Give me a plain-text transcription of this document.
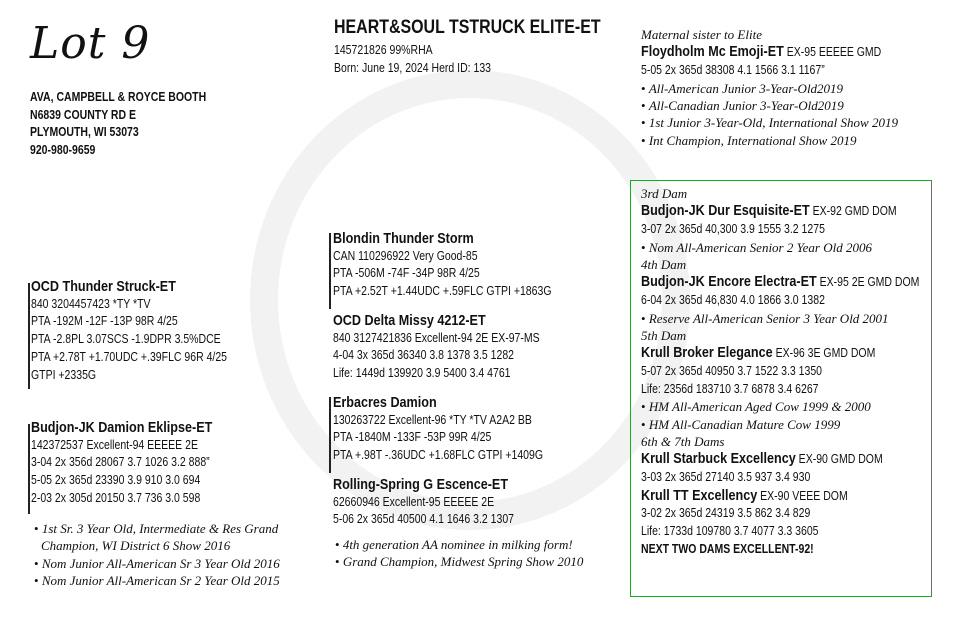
Lot 9
AVA, CAMPBELL & ROYCE BOOTH
N6839 COUNTY RD E
PLYMOUTH, WI 53073
920-980-9659
HEART&SOUL TSTRUCK ELITE-ET
145721826 99%RHA
Born: June 19, 2024 Herd ID: 133
OCD Thunder Struck-ET
840 3204457423 *TY *TV
PTA -192M -12F -13P 98R 4/25
PTA -2.8PL 3.07SCS -1.9DPR 3.5%DCE
PTA +2.78T +1.70UDC +.39FLC 96R 4/25
GTPI +2335G
Budjon-JK Damion Eklipse-ET
142372537 Excellent-94 EEEEE 2E
3-04 2x 356d 28067 3.7 1026 3.2 888”
5-05 2x 365d 23390 3.9 910 3.0 694
2-03 2x 305d 20150 3.7 736 3.0 598
• 1st Sr. 3 Year Old, Intermediate & Res Grand
Champion, WI District 6 Show 2016
• Nom Junior All-American Sr 3 Year Old 2016
• Nom Junior All-American Sr 2 Year Old 2015
Blondin Thunder Storm
CAN 110296922 Very Good-85
PTA -506M -74F -34P 98R 4/25
PTA +2.52T +1.44UDC +.59FLC GTPI +1863G
OCD Delta Missy 4212-ET
840 3127421836 Excellent-94 2E EX-97-MS
4-04 3x 365d 36340 3.8 1378 3.5 1282
Life: 1449d 139920 3.9 5400 3.4 4761
Erbacres Damion
130263722 Excellent-96 *TY *TV A2A2 BB
PTA -1840M -133F -53P 99R 4/25
PTA +.98T -.36UDC +1.68FLC GTPI +1409G
Rolling-Spring G Escence-ET
62660946 Excellent-95 EEEEE 2E
5-06 2x 365d 40500 4.1 1646 3.2 1307
• 4th generation AA nominee in milking form!
• Grand Champion, Midwest Spring Show 2010
Maternal sister to Elite
Floydholm Mc Emoji-ET EX-95 EEEEE GMD
5-05 2x 365d 38308 4.1 1566 3.1 1167”
• All-American Junior 3-Year-Old2019
• All-Canadian Junior 3-Year-Old2019
• 1st Junior 3-Year-Old, International Show 2019
• Int Champion, International Show 2019
3rd Dam
Budjon-JK Dur Esquisite-ET EX-92 GMD DOM
3-07 2x 365d 40,300 3.9 1555 3.2 1275
• Nom All-American Senior 2 Year Old 2006
4th Dam
Budjon-JK Encore Electra-ET EX-95 2E GMD DOM
6-04 2x 365d 46,830 4.0 1866 3.0 1382
• Reserve All-American Senior 3 Year Old 2001
5th Dam
Krull Broker Elegance EX-96 3E GMD DOM
5-07 2x 365d 40950 3.7 1522 3.3 1350
Life: 2356d 183710 3.7 6878 3.4 6267
• HM All-American Aged Cow 1999 & 2000
• HM All-Canadian Mature Cow 1999
6th & 7th Dams
Krull Starbuck Excellency EX-90 GMD DOM
3-03 2x 365d 27140 3.5 937 3.4 930
Krull TT Excellency EX-90 VEEE DOM
3-02 2x 365d 24319 3.5 862 3.4 829
Life: 1733d 109780 3.7 4077 3.3 3605
NEXT TWO DAMS EXCELLENT-92!
